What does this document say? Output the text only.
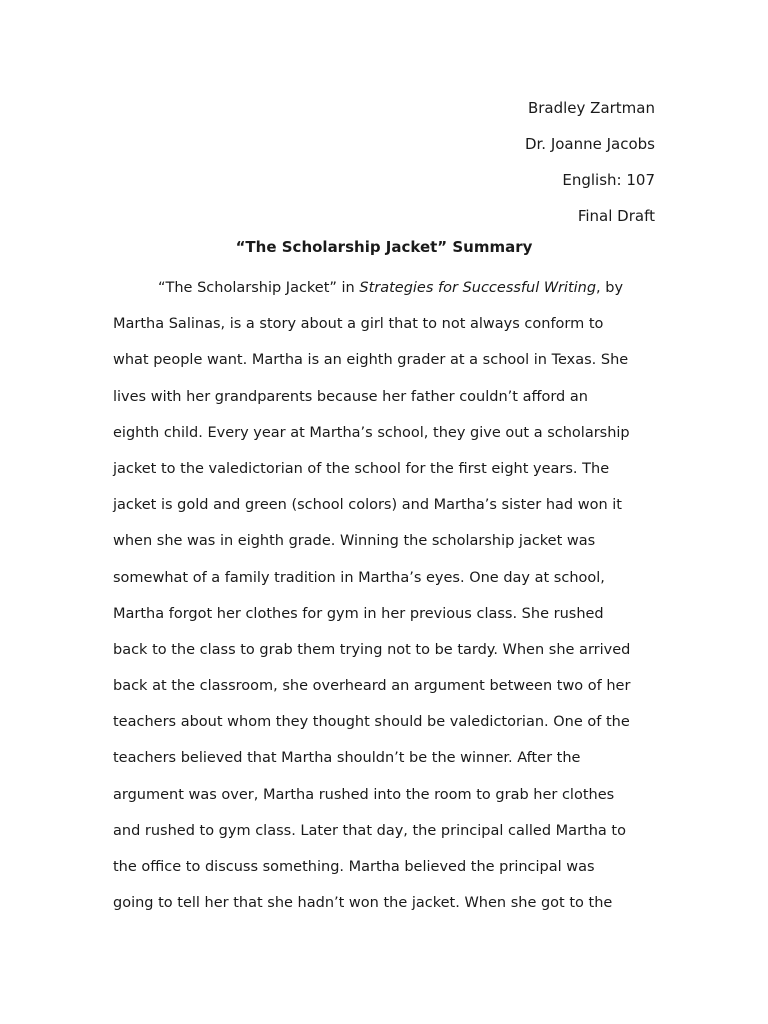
Bradley Zartman
Dr. Joanne Jacobs
English: 107
Final Draft
“The Scholarship Jacket” Summary
“The Scholarship Jacket” in Strategies for Successful Writing, by
Martha Salinas, is a story about a girl that to not always conform to
what people want. Martha is an eighth grader at a school in Texas. She
lives with her grandparents because her father couldn’t afford an
eighth child. Every year at Martha’s school, they give out a scholarship
jacket to the valedictorian of the school for the first eight years. The
jacket is gold and green (school colors) and Martha’s sister had won it
when she was in eighth grade. Winning the scholarship jacket was
somewhat of a family tradition in Martha’s eyes. One day at school,
Martha forgot her clothes for gym in her previous class. She rushed
back to the class to grab them trying not to be tardy. When she arrived
back at the classroom, she overheard an argument between two of her
teachers about whom they thought should be valedictorian. One of the
teachers believed that Martha shouldn’t be the winner. After the
argument was over, Martha rushed into the room to grab her clothes
and rushed to gym class. Later that day, the principal called Martha to
the office to discuss something. Martha believed the principal was
going to tell her that she hadn’t won the jacket. When she got to the
